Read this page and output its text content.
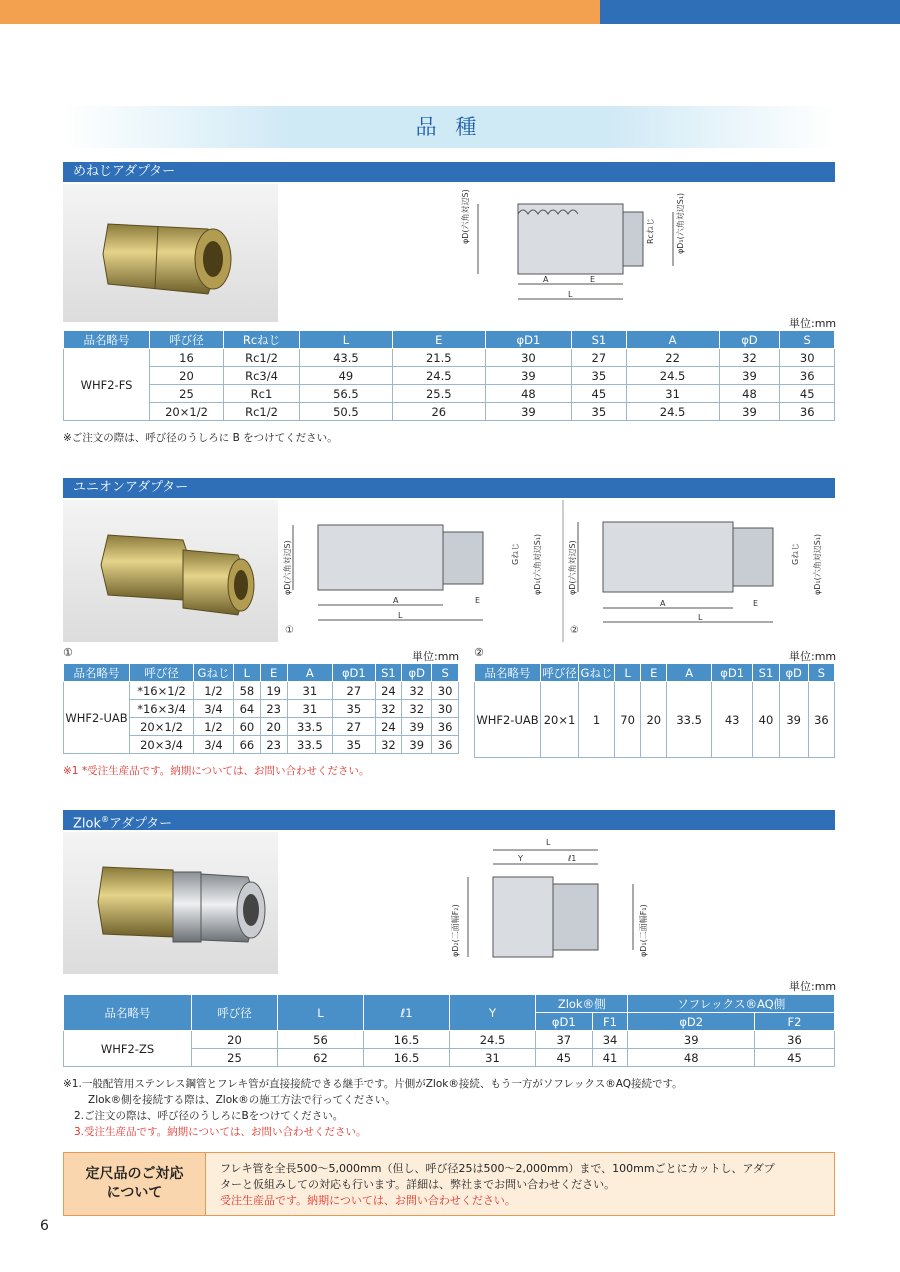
品 種
めねじアダプター
φD(六角対辺S)	Rcねじ	φD₁(六角対辺S₁)
A	E
L
単位:mm
品名略号	呼び径	Rcねじ	L	E	φD1	S1	A	φD	S
WHF2-FS	16	Rc1/2	43.5	21.5	30	27	22	32	30
	20	Rc3/4	49	24.5	39	35	24.5	39	36
	25	Rc1	56.5	25.5	48	45	31	48	45
	20×1/2	Rc1/2	50.5	26	39	35	24.5	39	36
※ご注文の際は、呼び径のうしろに B をつけてください。
ユニオンアダプター
φD(六角対辺S)	Gねじ φD₁(六角対辺S₁)
A	E
L
①
φD(六角対辺S)	Gねじ φD₁(六角対辺S₁)
A	E
L
②
①	単位:mm ②	単位:mm
品名略号	呼び径	Gねじ	L	E	A	φD1	S1	φD	S
WHF2-UAB	*16×1/2	1/2	58	19	31	27	24	32	30
	*16×3/4	3/4	64	23	31	35	32	32	30
	20×1/2	1/2	60	20	33.5	27	24	39	36
	20×3/4	3/4	66	23	33.5	35	32	39	36
品名略号	呼び径	Gねじ	L	E	A	φD1	S1	φD	S
WHF2-UAB	20×1	1	70	20	33.5	43	40	39	36
※1 *受注生産品です。納期については、お問い合わせください。
Zlok®アダプター
L
Y	ℓ1
φD₂(二面幅F₂)	φD₁(二面幅F₁)
単位:mm
品名略号	呼び径	L	ℓ1	Y	Zlok®側		ソフレックス®AQ側	
					φD1	F1	φD2	F2
WHF2-ZS	20	56	16.5	24.5	37	34	39	36
	25	62	16.5	31	45	41	48	45
※1.一般配管用ステンレス鋼管とフレキ管が直接接続できる継手です。片側がZlok®接続、もう一方がソフレックス®AQ接続です。
Zlok®側を接続する際は、Zlok®の施工方法で行ってください。
2.ご注文の際は、呼び径のうしろにBをつけてください。
3.受注生産品です。納期については、お問い合わせください。
定尺品のご対応
について
フレキ管を全長500～5,000mm（但し、呼び径25は500～2,000mm）まで、100mmごとにカットし、アダプ
ターと仮組みしての対応も行います。詳細は、弊社までお問い合わせください。
受注生産品です。納期については、お問い合わせください。
6
